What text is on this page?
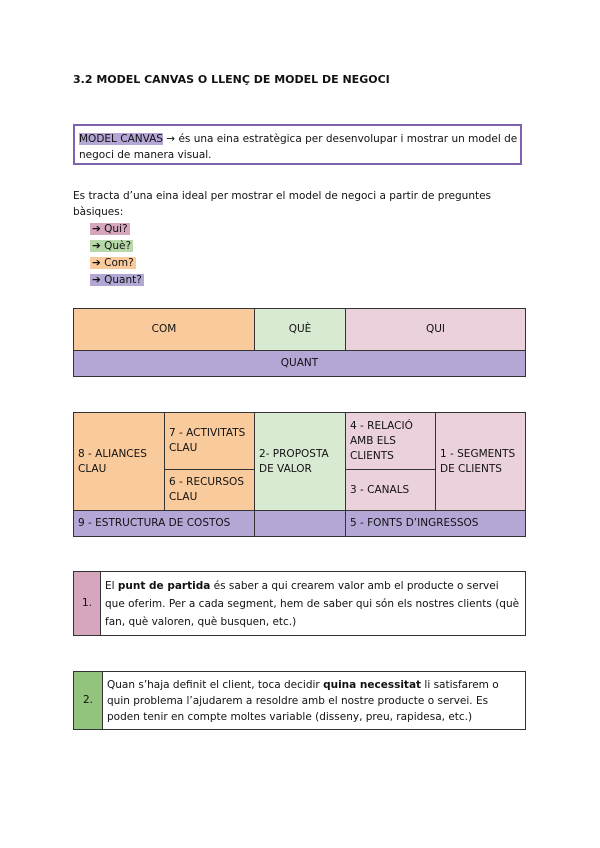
3.2 MODEL CANVAS O LLENÇ DE MODEL DE NEGOCI
MODEL CANVAS → és una eina estratègica per desenvolupar i mostrar un model de negoci de manera visual.
Es tracta d’una eina ideal per mostrar el model de negoci a partir de preguntes bàsiques:
➔ Qui?
➔ Què?
➔ Com?
➔ Quant?
COM	QUÈ	QUI
QUANT
8 - ALIANCES CLAU	7 - ACTIVITATS CLAU	2- PROPOSTA DE VALOR	4 - RELACIÓ AMB ELS CLIENTS	1 - SEGMENTS DE CLIENTS
	6 - RECURSOS CLAU		3 - CANALS	
9 - ESTRUCTURA DE COSTOS			5 - FONTS D’INGRESSOS	
1.	El punt de partida és saber a qui crearem valor amb el producte o servei que oferim. Per a cada segment, hem de saber qui són els nostres clients (què fan, què valoren, què busquen, etc.)
2.	Quan s’haja definit el client, toca decidir quina necessitat li satisfarem o quin problema l’ajudarem a resoldre amb el nostre producte o servei. Es poden tenir en compte moltes variable (disseny, preu, rapidesa, etc.)
